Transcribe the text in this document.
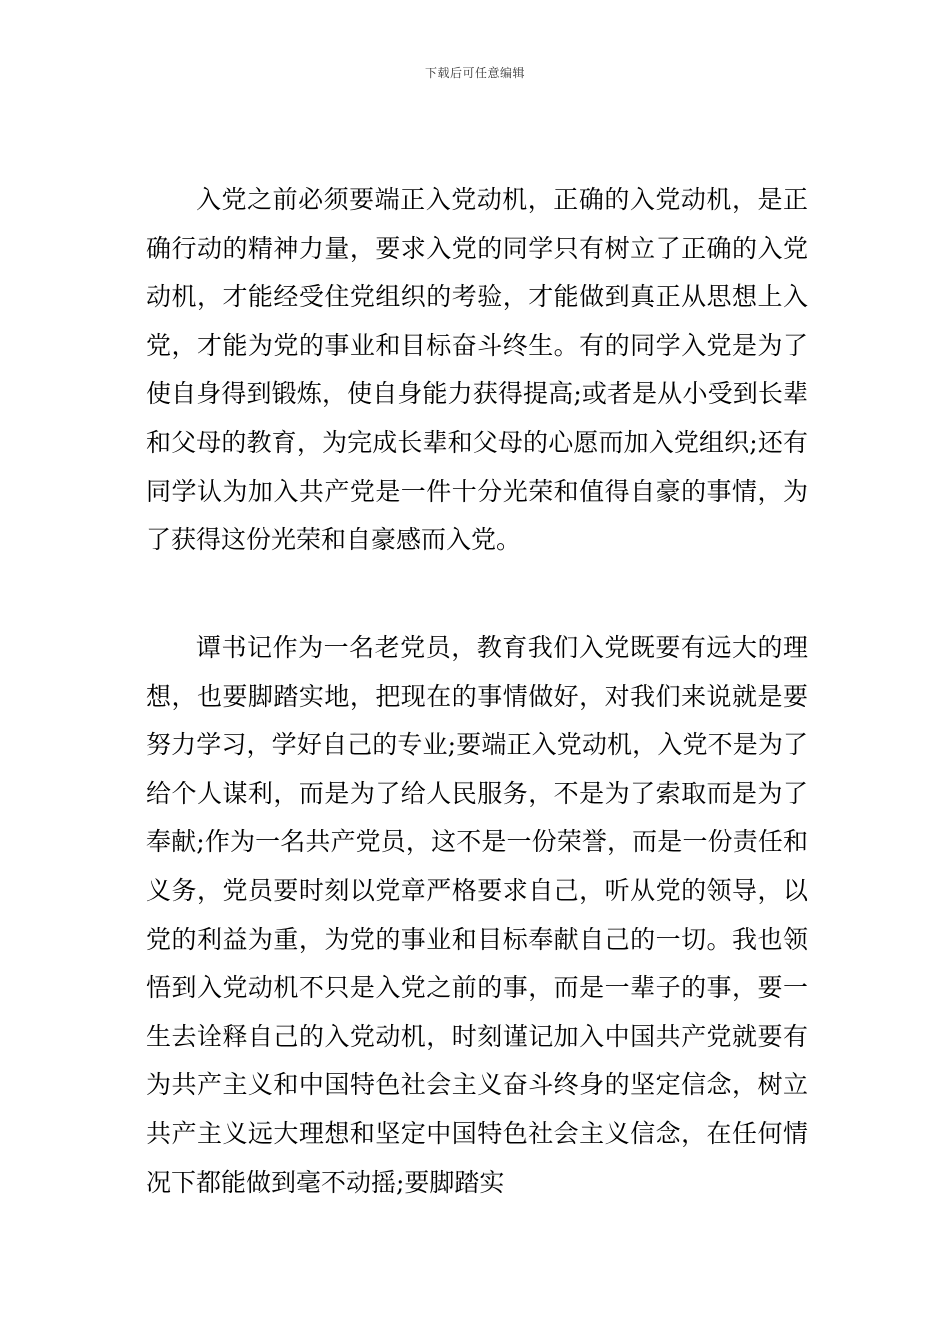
下载后可任意编辑

入党之前必须要端正入党动机，正确的入党动机，是正确行动的精神力量，要求入党的同学只有树立了正确的入党动机，才能经受住党组织的考验，才能做到真正从思想上入党，才能为党的事业和目标奋斗终生。有的同学入党是为了使自身得到锻炼，使自身能力获得提高;或者是从小受到长辈和父母的教育，为完成长辈和父母的心愿而加入党组织;还有同学认为加入共产党是一件十分光荣和值得自豪的事情，为了获得这份光荣和自豪感而入党。

谭书记作为一名老党员，教育我们入党既要有远大的理想，也要脚踏实地，把现在的事情做好，对我们来说就是要努力学习，学好自己的专业;要端正入党动机，入党不是为了给个人谋利，而是为了给人民服务，不是为了索取而是为了奉献;作为一名共产党员，这不是一份荣誉，而是一份责任和义务，党员要时刻以党章严格要求自己，听从党的领导，以党的利益为重，为党的事业和目标奉献自己的一切。我也领悟到入党动机不只是入党之前的事，而是一辈子的事，要一生去诠释自己的入党动机，时刻谨记加入中国共产党就要有为共产主义和中国特色社会主义奋斗终身的坚定信念，树立共产主义远大理想和坚定中国特色社会主义信念，在任何情况下都能做到毫不动摇;要脚踏实
